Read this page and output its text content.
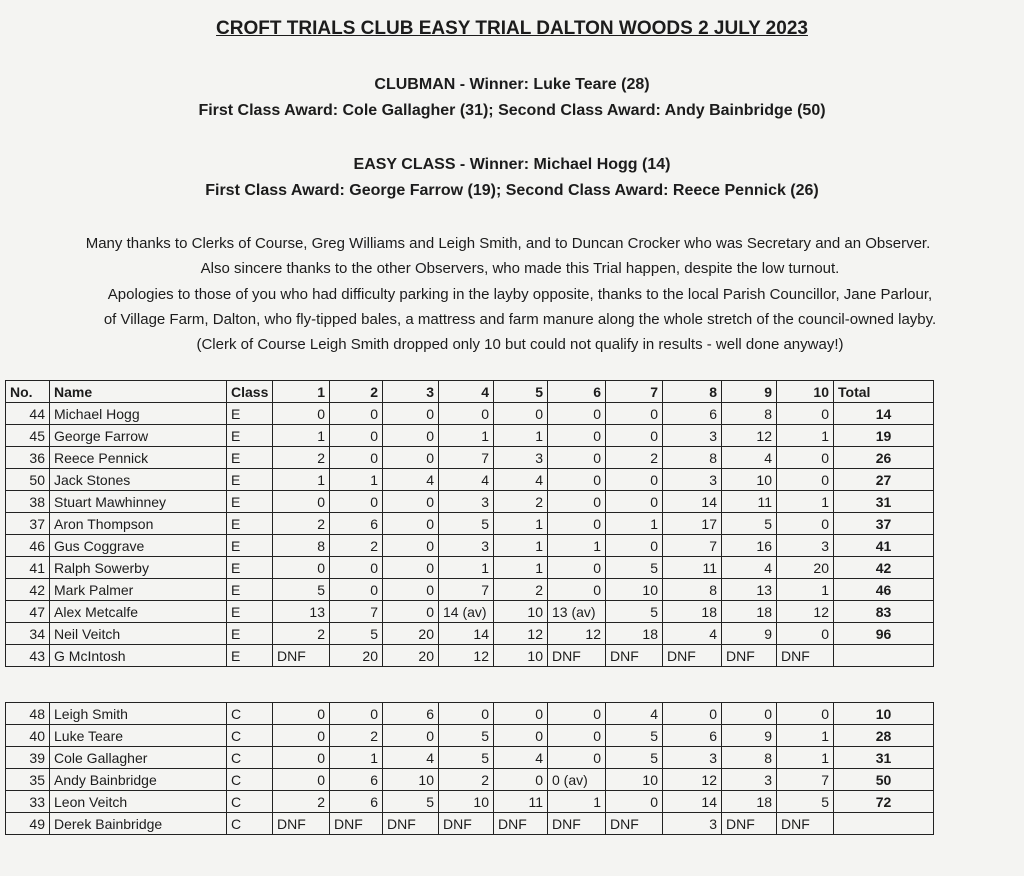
CROFT TRIALS CLUB EASY TRIAL DALTON WOODS 2 JULY 2023
CLUBMAN - Winner: Luke Teare (28)
First Class Award: Cole Gallagher (31); Second Class Award: Andy Bainbridge (50)
EASY CLASS - Winner: Michael Hogg (14)
First Class Award: George Farrow (19); Second Class Award: Reece Pennick (26)
Many thanks to Clerks of Course, Greg Williams and Leigh Smith, and to Duncan Crocker who was Secretary and an Observer.
Also sincere thanks to the other Observers, who made this Trial happen, despite the low turnout.
Apologies to those of you who had difficulty parking in the layby opposite, thanks to the local Parish Councillor, Jane Parlour,
of Village Farm, Dalton, who fly-tipped bales, a mattress and farm manure along the whole stretch of the council-owned layby.
(Clerk of Course Leigh Smith dropped only 10 but could not qualify in results - well done anyway!)
No.	Name	Class	1	2	3	4	5	6	7	8	9	10	Total
44	Michael Hogg	E	0	0	0	0	0	0	0	6	8	0	14
45	George Farrow	E	1	0	0	1	1	0	0	3	12	1	19
36	Reece Pennick	E	2	0	0	7	3	0	2	8	4	0	26
50	Jack Stones	E	1	1	4	4	4	0	0	3	10	0	27
38	Stuart Mawhinney	E	0	0	0	3	2	0	0	14	11	1	31
37	Aron Thompson	E	2	6	0	5	1	0	1	17	5	0	37
46	Gus Coggrave	E	8	2	0	3	1	1	0	7	16	3	41
41	Ralph Sowerby	E	0	0	0	1	1	0	5	11	4	20	42
42	Mark Palmer	E	5	0	0	7	2	0	10	8	13	1	46
47	Alex Metcalfe	E	13	7	0	14 (av)	10	13 (av)	5	18	18	12	83
34	Neil Veitch	E	2	5	20	14	12	12	18	4	9	0	96
43	G McIntosh	E	DNF	20	20	12	10	DNF	DNF	DNF	DNF	DNF	
48	Leigh Smith	C	0	0	6	0	0	0	4	0	0	0	10
40	Luke Teare	C	0	2	0	5	0	0	5	6	9	1	28
39	Cole Gallagher	C	0	1	4	5	4	0	5	3	8	1	31
35	Andy Bainbridge	C	0	6	10	2	0	0 (av)	10	12	3	7	50
33	Leon Veitch	C	2	6	5	10	11	1	0	14	18	5	72
49	Derek Bainbridge	C	DNF	DNF	DNF	DNF	DNF	DNF	DNF	3	DNF	DNF	
